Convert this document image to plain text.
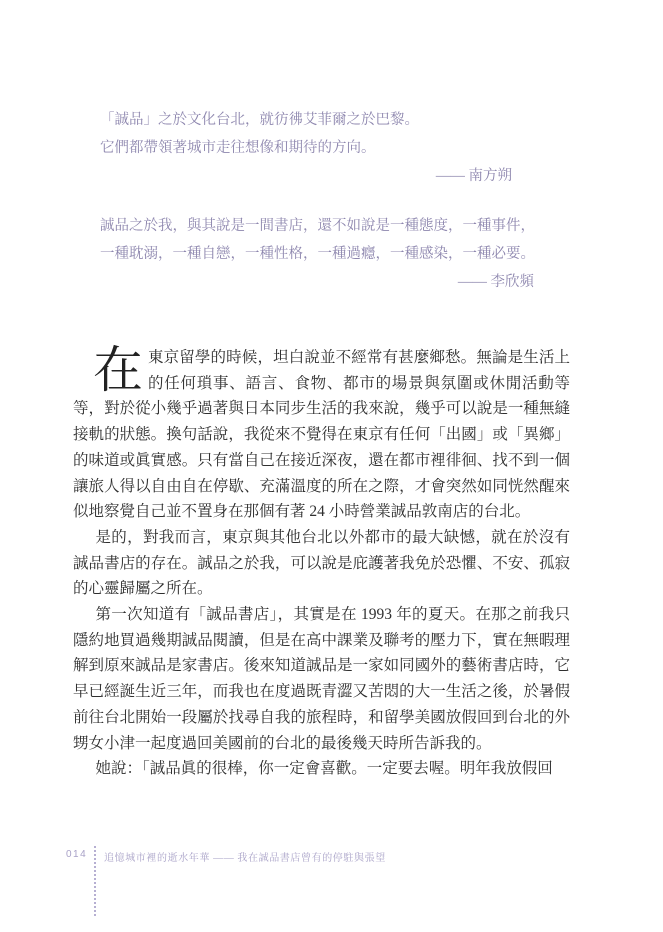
「誠品」之於文化台北，就彷彿艾菲爾之於巴黎。

它們都帶領著城市走往想像和期待的方向。

—— 南方朔

誠品之於我，與其說是一間書店，還不如說是一種態度，一種事件，

一種耽溺，一種自戀，一種性格，一種過癮，一種感染，一種必要。

—— 李欣頻

在東京留學的時候，坦白說並不經常有甚麼鄉愁。無論是生活上的任何瑣事、語言、食物、都市的場景與氛圍或休閒活動等等，對於從小幾乎過著與日本同步生活的我來說，幾乎可以說是一種無縫接軌的狀態。換句話說，我從來不覺得在東京有任何「出國」或「異鄉」的味道或眞實感。只有當自己在接近深夜，還在都市裡徘徊、找不到一個讓旅人得以自由自在停歇、充滿溫度的所在之際，才會突然如同恍然醒來似地察覺自己並不置身在那個有著 24 小時營業誠品敦南店的台北。

是的，對我而言，東京與其他台北以外都市的最大缺憾，就在於沒有誠品書店的存在。誠品之於我，可以說是庇護著我免於恐懼、不安、孤寂的心靈歸屬之所在。

第一次知道有「誠品書店」，其實是在 1993 年的夏天。在那之前我只隱約地買過幾期誠品閱讀，但是在高中課業及聯考的壓力下，實在無暇理解到原來誠品是家書店。後來知道誠品是一家如同國外的藝術書店時，它早已經誕生近三年，而我也在度過既青澀又苦悶的大一生活之後，於暑假前往台北開始一段屬於找尋自我的旅程時，和留學美國放假回到台北的外甥女小津一起度過回美國前的台北的最後幾天時所告訴我的。

她說：「誠品眞的很棒，你一定會喜歡。一定要去喔。明年我放假回

014 追憶城市裡的逝水年華 —— 我在誠品書店曾有的停駐與張望
